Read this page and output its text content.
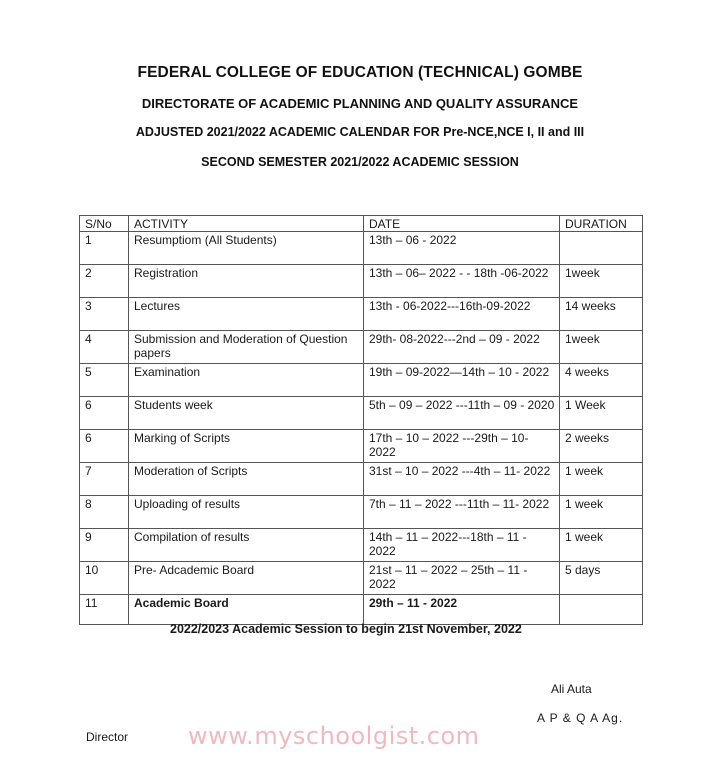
FEDERAL COLLEGE OF EDUCATION (TECHNICAL) GOMBE
DIRECTORATE OF ACADEMIC PLANNING AND QUALITY ASSURANCE
ADJUSTED 2021/2022 ACADEMIC CALENDAR FOR Pre-NCE,NCE I, II and III
SECOND SEMESTER 2021/2022 ACADEMIC SESSION
S/No	ACTIVITY	DATE	DURATION
1	Resumptiom (All Students)	13th – 06 - 2022	
2	Registration	13th – 06– 2022 - - 18th -06-2022	1week
3	Lectures	13th - 06-2022---16th-09-2022	14 weeks
4	Submission and Moderation of Question papers	29th- 08-2022---2nd – 09 - 2022	1week
5	Examination	19th – 09-2022—14th – 10 - 2022	4 weeks
6	Students week	5th – 09 – 2022 ---11th – 09 - 2020	1 Week
6	Marking of Scripts	17th – 10 – 2022 ---29th – 10- 2022	2 weeks
7	Moderation of Scripts	31st – 10 – 2022 ---4th – 11- 2022	1 week
8	Uploading of results	7th – 11 – 2022 ---11th – 11- 2022	1 week
9	Compilation of results	14th – 11 – 2022---18th – 11 - 2022	1 week
10	Pre- Adcademic Board	21st – 11 – 2022 – 25th – 11 - 2022	5 days
11	Academic Board	29th – 11 - 2022	
2022/2023 Academic Session to begin 21st November, 2022
Ali Auta
A P & Q A Ag.
Director www.myschoolgist.com
